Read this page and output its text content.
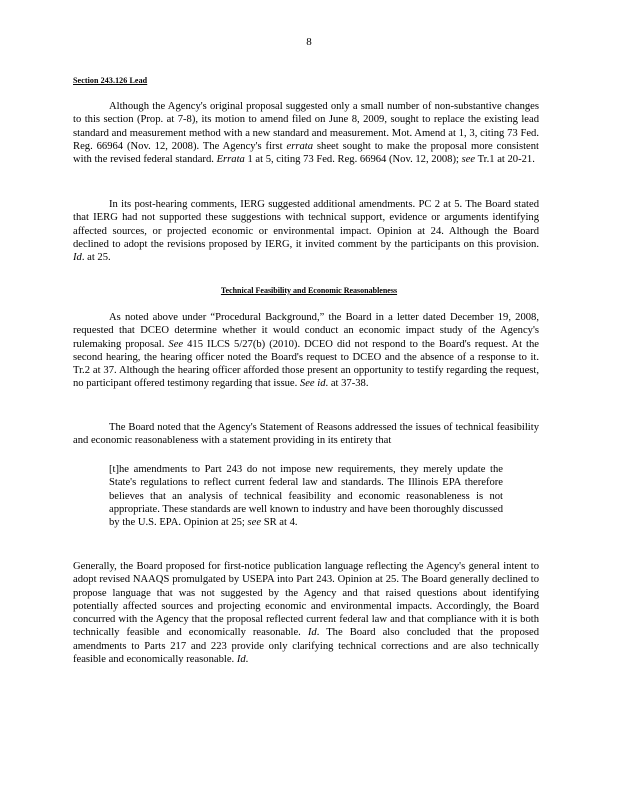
8
Section 243.126 Lead

Although the Agency's original proposal suggested only a small number of non-substantive changes to this section (Prop. at 7-8), its motion to amend filed on June 8, 2009, sought to replace the existing lead standard and measurement method with a new standard and measurement. Mot. Amend at 1, 3, citing 73 Fed. Reg. 66964 (Nov. 12, 2008). The Agency's first errata sheet sought to make the proposal more consistent with the revised federal standard. Errata 1 at 5, citing 73 Fed. Reg. 66964 (Nov. 12, 2008); see Tr.1 at 20-21.

In its post-hearing comments, IERG suggested additional amendments. PC 2 at 5. The Board stated that IERG had not supported these suggestions with technical support, evidence or arguments identifying affected sources, or projected economic or environmental impact. Opinion at 24. Although the Board declined to adopt the revisions proposed by IERG, it invited comment by the participants on this provision. Id. at 25.

Technical Feasibility and Economic Reasonableness

As noted above under “Procedural Background,” the Board in a letter dated December 19, 2008, requested that DCEO determine whether it would conduct an economic impact study of the Agency's rulemaking proposal. See 415 ILCS 5/27(b) (2010). DCEO did not respond to the Board's request. At the second hearing, the hearing officer noted the Board's request to DCEO and the absence of a response to it. Tr.2 at 37. Although the hearing officer afforded those present an opportunity to testify regarding the request, no participant offered testimony regarding that issue. See id. at 37-38.

The Board noted that the Agency's Statement of Reasons addressed the issues of technical feasibility and economic reasonableness with a statement providing in its entirety that

[t]he amendments to Part 243 do not impose new requirements, they merely update the State's regulations to reflect current federal law and standards. The Illinois EPA therefore believes that an analysis of technical feasibility and economic reasonableness is not appropriate. These standards are well known to industry and have been thoroughly discussed by the U.S. EPA. Opinion at 25; see SR at 4.

Generally, the Board proposed for first-notice publication language reflecting the Agency's general intent to adopt revised NAAQS promulgated by USEPA into Part 243. Opinion at 25. The Board generally declined to propose language that was not suggested by the Agency and that raised questions about identifying potentially affected sources and projecting economic and environmental impacts. Accordingly, the Board concurred with the Agency that the proposal reflected current federal law and that compliance with it is both technically feasible and economically reasonable. Id. The Board also concluded that the proposed amendments to Parts 217 and 223 provide only clarifying technical corrections and are also technically feasible and economically reasonable. Id.
